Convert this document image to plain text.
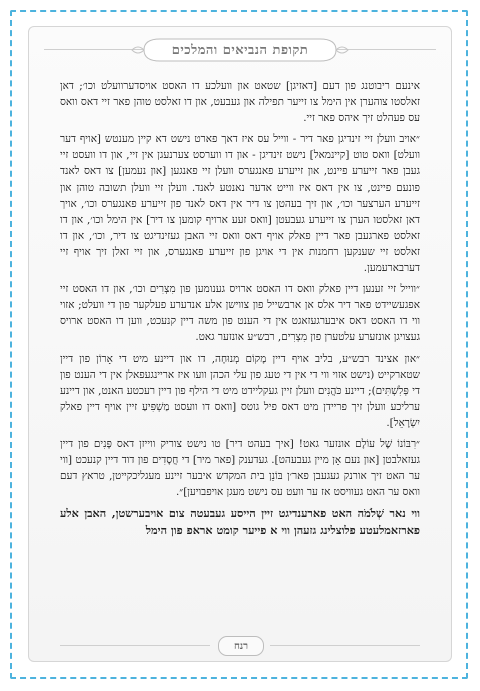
תקופת הנביאים והמלכים

אינעם ריבוטנג פון דעם [דאזיגן] שטאט און וועלכע דו האסט אויסדערוועלט וכו׳; דאן זאלסטו צוהערן אין הימל צו זייער תפילה און געבעט, און דו זאלסט טוהן פאר זיי דאס וואס עס פעהלט זיך איהס פאר זיי.

״אויב וועלן זיי זינדיגן פאר דיר - ווייל עס איז דאך פארט נישט דא קיין מענטש [אויף דער וועלט] וואס טוט [קיינמאל] נישט זינדיגן - און דו ווערסט צערנעגן אין זיי, און דו וועסט זיי געבן פאר זייערע פיינט, און זייערע פאנגערס וועלן זיי פאנגען [און נעמען] צו דאס לאנד פונעם פיינט, צו אין דאס איז ווייט אדער נאנטע לאנד. וועלן זיי וועלן תשובה טוהן און זייערע הערצער וכו׳, און זיך בעהטן צו דיר אין דאס לאנד פון זייערע פאנגערס וכו׳, אויך דאן זאלסטו הערן צו זייערע געבעטן [וואס זעע ארויף קומען צו דיר] אין הימל וכו׳, און דו זאלסט פארגעבן פאר דיין פאלק אויף דאס וואס זיי האבן געזינדיגט צו דיר, וכו׳, און דו זאלסט זיי שענקען רחמנות אין די אויגן פון זייערע פאנגערס, און זיי זאלן זיך אויף זיי דערבארעמען.

״ווייל זיי זענען דיין פאלק וואס דו האסט ארויס גענומען פון מִצְרִים וכו׳, און דו האסט זיי אפגעשיידט פאר דיר אלס אן ארבשייל פון צווישן אלע אנדערע פעלקער פון די וועלט; אזוי ווי דו האסט דאס איבערגעזאגט אין די הענט פון משה דיין קנעכט, ווען דו האסט ארויס געצויגן אונזערע עלטערן פון מִצְרִים, רבש״ע אונזער גאט.

״און אצינד רבש״ע, בליב אויף דיין מָקוֹם מְנוּחָה, דו און דיינע מיט די אָרוֹן פון דיין שטארקייט (נישט אזוי ווי די אין די טעג פון עלי הכהן וועו איז אריינגעפאלן אין די הענט פון די פְּלִשְׁתִּים); דיינע כֹּהֲנִים וועלן זיין געקליידט מיט די הילף פון דיין רעכטע האנט, און דיינע ערליכע וועלן זיך פריידן מיט דאס פיל גוטס [וואס דו וועסט מַשְׁפִּיעַ זיין אויף דיין פאלק יִשְׂרָאֵל].

״רִבּוֹנוֹ שֶׁל עוֹלָם אונזער גאט! [איך בעהט דיר] טו נישט צוריק ווייזן דאס פָּנִים פון דיין געזאלבטן [און נעם אָן מיין געבעהט]. געדענק [פאר מיר] די חֲסָדִים פון דוד דיין קנעכט [ווי ער האט זיך אורנק געגעבן פאר׳ן בּוֹנֵן בית המקדש איבער זיינע מעגליכקייטן, טראץ דעם וואס ער האט געוויסט אז ער וועט עס נישט מעגן אויפבויען]״.

ווי נאר שְׁלֹמֹה האט פארענדיגט זיין הייסע געבעטה צום אויבערשטן, האבן אלע פארזאמלעטע פלוצלינג גזעהן ווי א פייער קומט אראפ פון הימל

רנח
